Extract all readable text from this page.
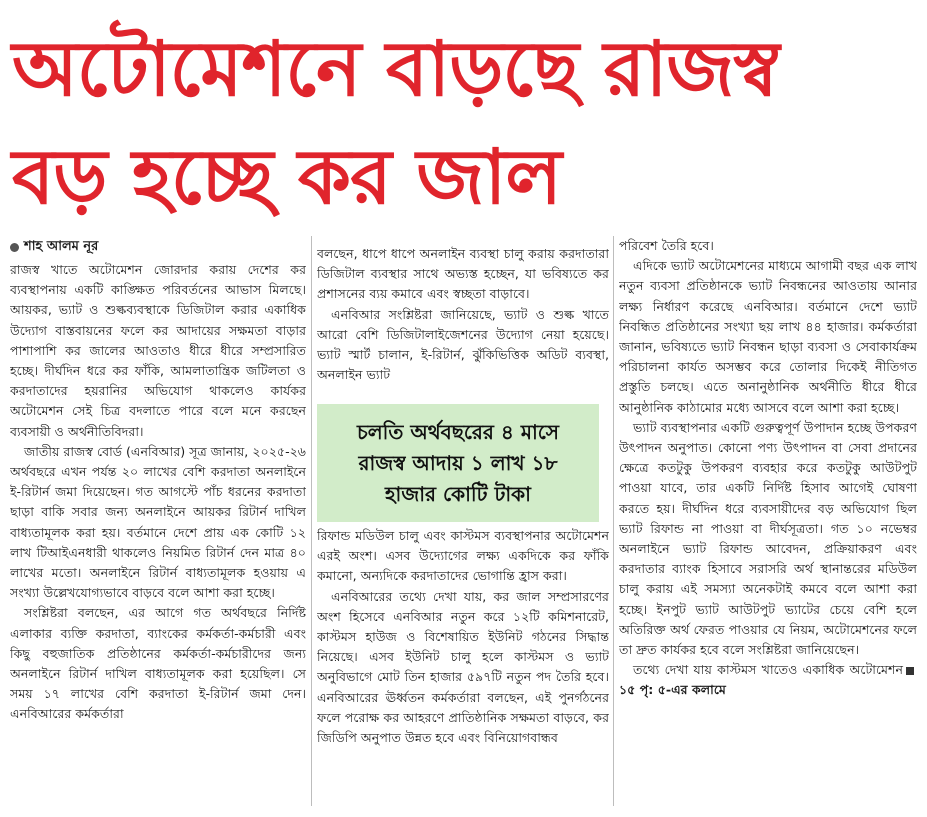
অটোমেশনে বাড়ছে রাজস্ব
বড় হচ্ছে কর জাল
শাহ আলম নূর

রাজস্ব খাতে অটোমেশন জোরদার করায় দেশের কর ব্যবস্থাপনায় একটি কাঙ্ক্ষিত পরিবর্তনের আভাস মিলছে। আয়কর, ভ্যাট ও শুল্কব্যবস্থাকে ডিজিটাল করার একাধিক উদ্যোগ বাস্তবায়নের ফলে কর আদায়ের সক্ষমতা বাড়ার পাশাপাশি কর জালের আওতাও ধীরে ধীরে সম্প্রসারিত হচ্ছে। দীর্ঘদিন ধরে কর ফাঁকি, আমলাতান্ত্রিক জটিলতা ও করদাতাদের হয়রানির অভিযোগ থাকলেও কার্যকর অটোমেশন সেই চিত্র বদলাতে পারে বলে মনে করছেন ব্যবসায়ী ও অর্থনীতিবিদরা।

জাতীয় রাজস্ব বোর্ড (এনবিআর) সূত্র জানায়, ২০২৫-২৬ অর্থবছরে এখন পর্যন্ত ২০ লাখের বেশি করদাতা অনলাইনে ই-রিটার্ন জমা দিয়েছেন। গত আগস্টে পাঁচ ধরনের করদাতা ছাড়া বাকি সবার জন্য অনলাইনে আয়কর রিটার্ন দাখিল বাধ্যতামূলক করা হয়। বর্তমানে দেশে প্রায় এক কোটি ১২ লাখ টিআইএনধারী থাকলেও নিয়মিত রিটার্ন দেন মাত্র ৪০ লাখের মতো। অনলাইনে রিটার্ন বাধ্যতামূলক হওয়ায় এ সংখ্যা উল্লেখযোগ্যভাবে বাড়বে বলে আশা করা হচ্ছে।

সংশ্লিষ্টরা বলছেন, এর আগে গত অর্থবছরে নির্দিষ্ট এলাকার ব্যক্তি করদাতা, ব্যাংকের কর্মকর্তা-কর্মচারী এবং কিছু বহুজাতিক প্রতিষ্ঠানের কর্মকর্তা-কর্মচারীদের জন্য অনলাইনে রিটার্ন দাখিল বাধ্যতামূলক করা হয়েছিল। সে সময় ১৭ লাখের বেশি করদাতা ই-রিটার্ন জমা দেন। এনবিআরের কর্মকর্তারা

বলছেন, ধাপে ধাপে অনলাইন ব্যবস্থা চালু করায় করদাতারা ডিজিটাল ব্যবস্থার সাথে অভ্যস্ত হচ্ছেন, যা ভবিষ্যতে কর প্রশাসনের ব্যয় কমাবে এবং স্বচ্ছতা বাড়াবে।

এনবিআর সংশ্লিষ্টরা জানিয়েছে, ভ্যাট ও শুল্ক খাতে আরো বেশি ডিজিটালাইজেশনের উদ্যোগ নেয়া হয়েছে। ভ্যাট স্মার্ট চালান, ই-রিটার্ন, ঝুঁকিভিত্তিক অডিট ব্যবস্থা, অনলাইন ভ্যাট

চলতি অর্থবছরের ৪ মাসে
রাজস্ব আদায় ১ লাখ ১৮
হাজার কোটি টাকা

রিফান্ড মডিউল চালু এবং কাস্টমস ব্যবস্থাপনার অটোমেশন এরই অংশ। এসব উদ্যোগের লক্ষ্য একদিকে কর ফাঁকি কমানো, অন্যদিকে করদাতাদের ভোগান্তি হ্রাস করা।

এনবিআরের তথ্যে দেখা যায়, কর জাল সম্প্রসারণের অংশ হিসেবে এনবিআর নতুন করে ১২টি কমিশনারেট, কাস্টমস হাউজ ও বিশেষায়িত ইউনিট গঠনের সিদ্ধান্ত নিয়েছে। এসব ইউনিট চালু হলে কাস্টমস ও ভ্যাট অনুবিভাগে মোট তিন হাজার ৫৯৭টি নতুন পদ তৈরি হবে। এনবিআরের ঊর্ধ্বতন কর্মকর্তারা বলছেন, এই পুনর্গঠনের ফলে পরোক্ষ কর আহরণে প্রাতিষ্ঠানিক সক্ষমতা বাড়বে, কর জিডিপি অনুপাত উন্নত হবে এবং বিনিয়োগবান্ধব

পরিবেশ তৈরি হবে।

এদিকে ভ্যাট অটোমেশনের মাধ্যমে আগামী বছর এক লাখ নতুন ব্যবসা প্রতিষ্ঠানকে ভ্যাট নিবন্ধনের আওতায় আনার লক্ষ্য নির্ধারণ করেছে এনবিআর। বর্তমানে দেশে ভ্যাট নিবন্ধিত প্রতিষ্ঠানের সংখ্যা ছয় লাখ ৪৪ হাজার। কর্মকর্তারা জানান, ভবিষ্যতে ভ্যাট নিবন্ধন ছাড়া ব্যবসা ও সেবাকার্যক্রম পরিচালনা কার্যত অসম্ভব করে তোলার দিকেই নীতিগত প্রস্তুতি চলছে। এতে অনানুষ্ঠানিক অর্থনীতি ধীরে ধীরে আনুষ্ঠানিক কাঠামোর মধ্যে আসবে বলে আশা করা হচ্ছে।

ভ্যাট ব্যবস্থাপনার একটি গুরুত্বপূর্ণ উপাদান হচ্ছে উপকরণ উৎপাদন অনুপাত। কোনো পণ্য উৎপাদন বা সেবা প্রদানের ক্ষেত্রে কতটুকু উপকরণ ব্যবহার করে কতটুকু আউটপুট পাওয়া যাবে, তার একটি নির্দিষ্ট হিসাব আগেই ঘোষণা করতে হয়। দীর্ঘদিন ধরে ব্যবসায়ীদের বড় অভিযোগ ছিল ভ্যাট রিফান্ড না পাওয়া বা দীর্ঘসূত্রতা। গত ১০ নভেম্বর অনলাইনে ভ্যাট রিফান্ড আবেদন, প্রক্রিয়াকরণ এবং করদাতার ব্যাংক হিসাবে সরাসরি অর্থ স্থানান্তরের মডিউল চালু করায় এই সমস্যা অনেকটাই কমবে বলে আশা করা হচ্ছে। ইনপুট ভ্যাট আউটপুট ভ্যাটের চেয়ে বেশি হলে অতিরিক্ত অর্থ ফেরত পাওয়ার যে নিয়ম, অটোমেশনের ফলে তা দ্রুত কার্যকর হবে বলে সংশ্লিষ্টরা জানিয়েছেন।

তথ্যে দেখা যায় কাস্টমস খাতেও একাধিক অটোমেশন১৫ পৃ: ৫-এর কলামে
